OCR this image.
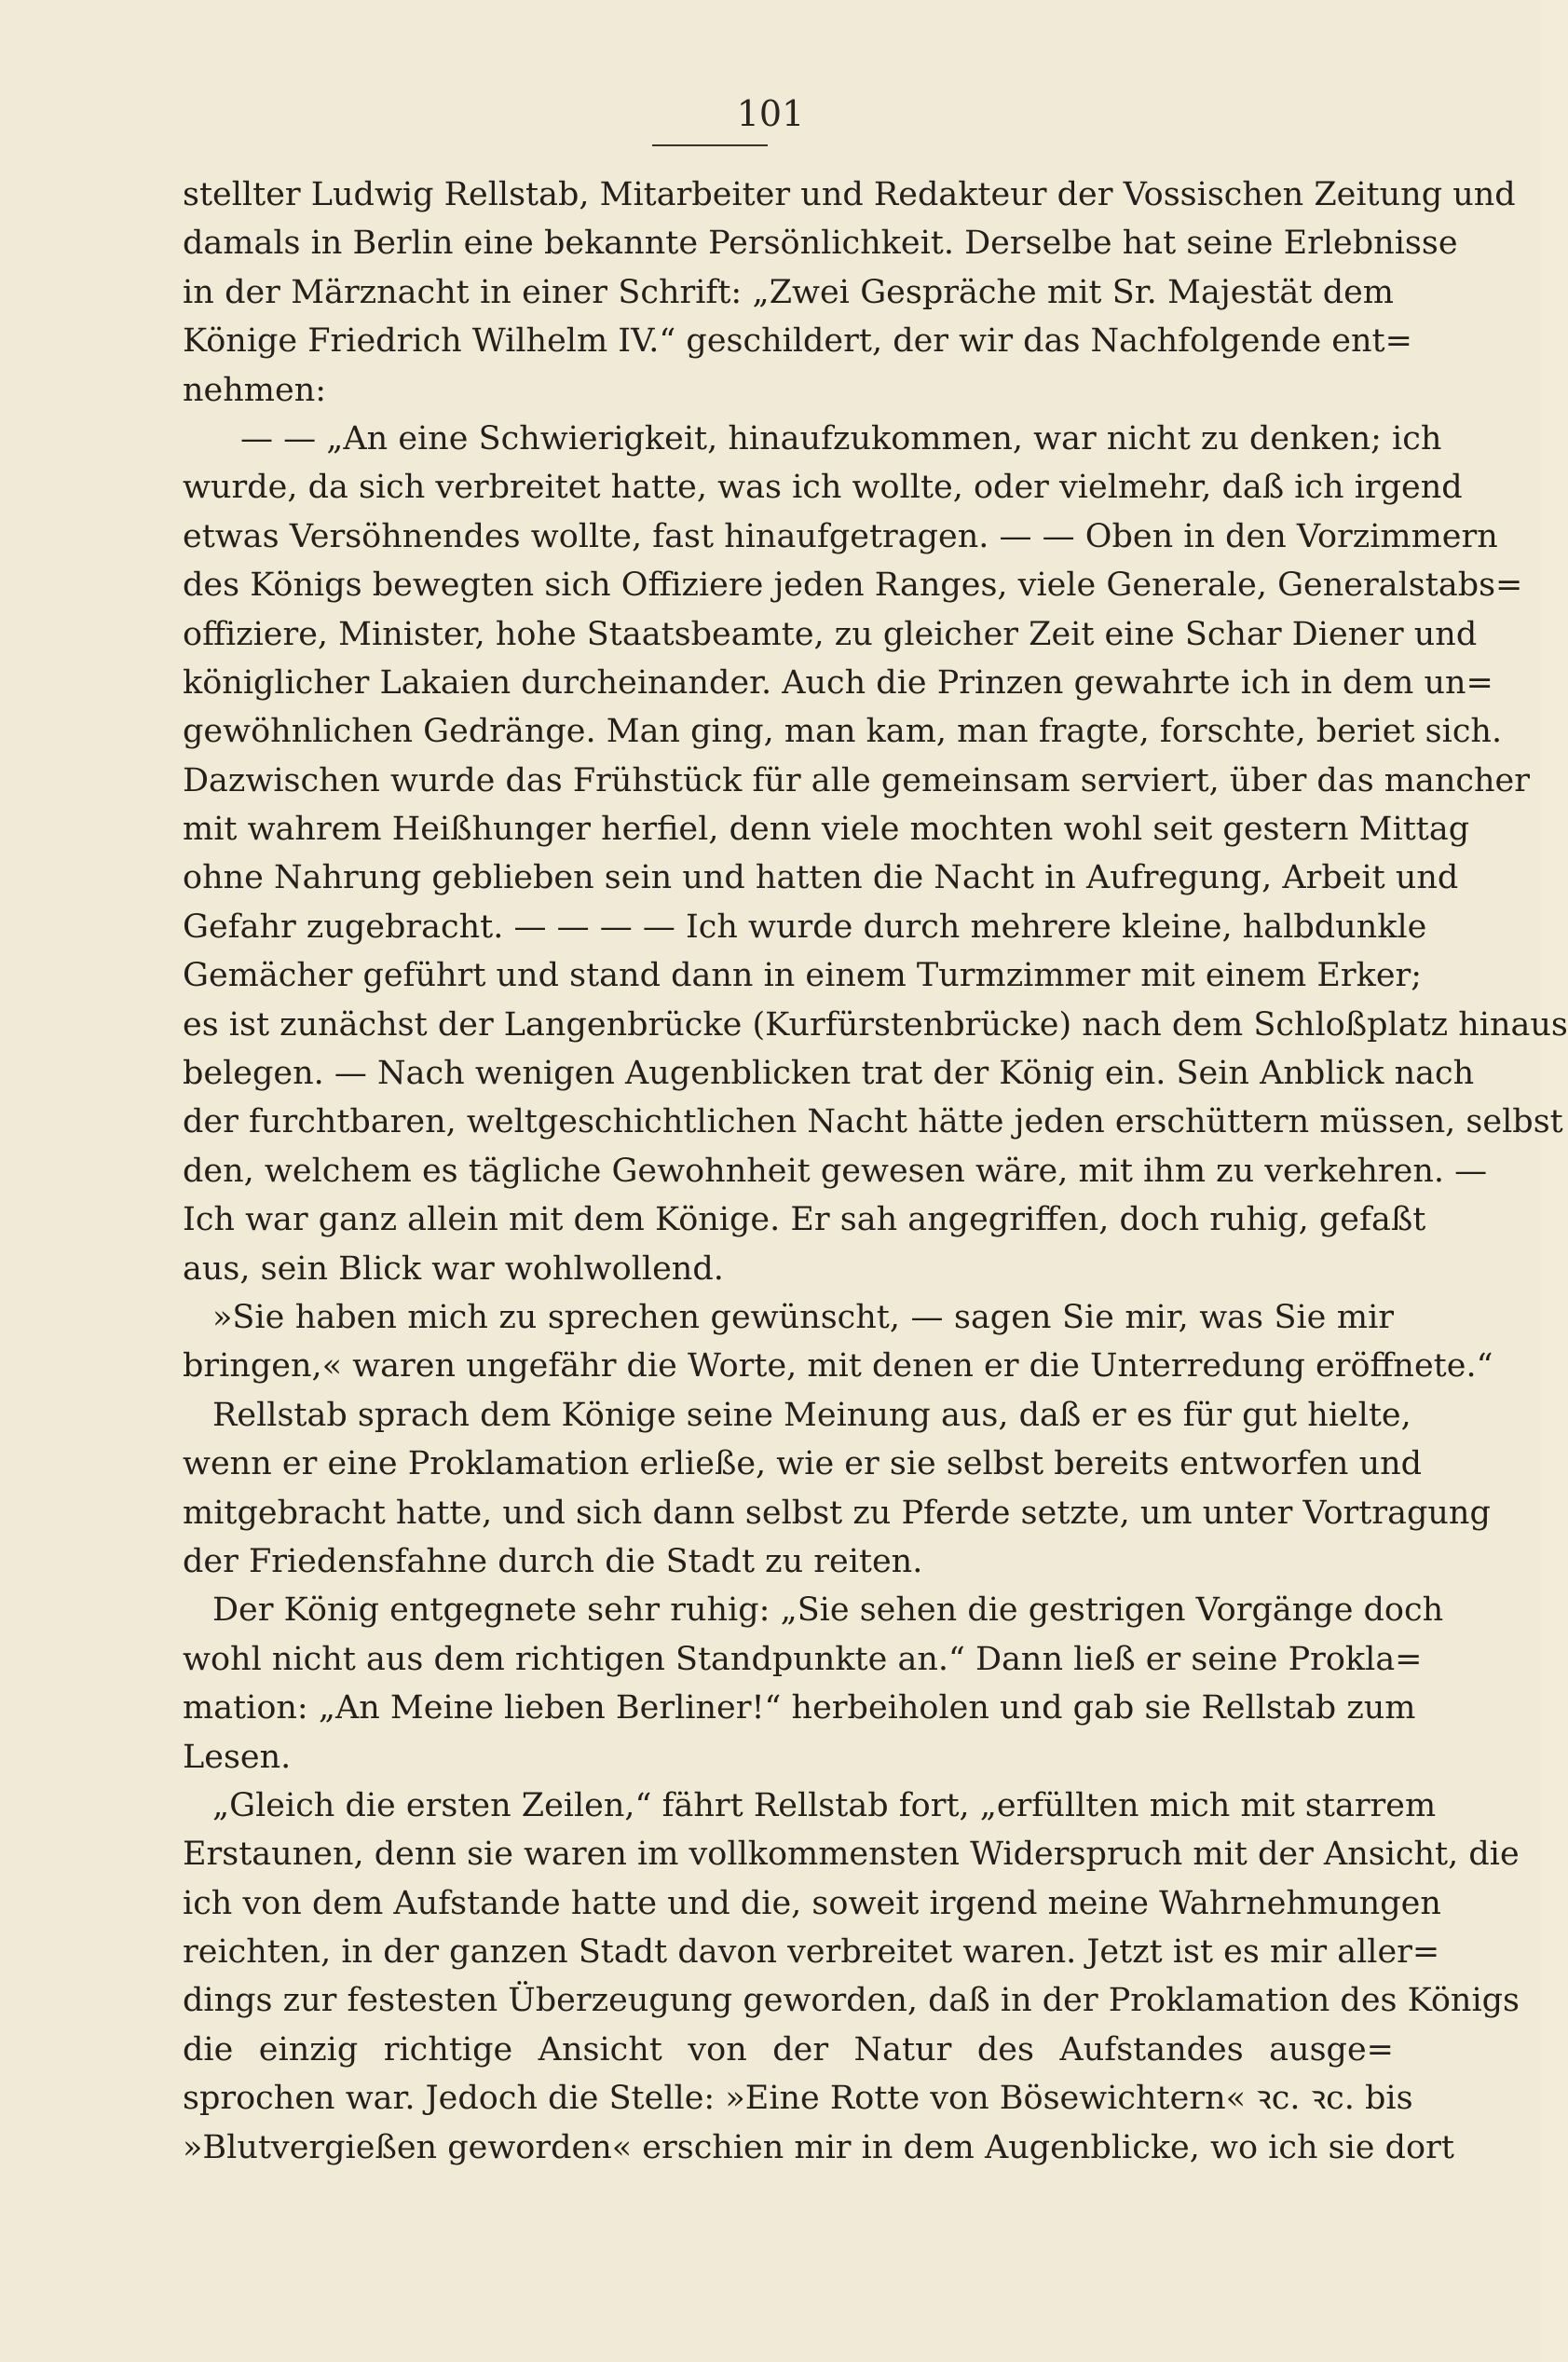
101
stellter Ludwig Rellstab, Mitarbeiter und Redakteur der Vossischen Zeitung und
damals in Berlin eine bekannte Persönlichkeit. Derselbe hat seine Erlebnisse
in der Märznacht in einer Schrift: „Zwei Gespräche mit Sr. Majestät dem
Könige Friedrich Wilhelm IV.“ geschildert, der wir das Nachfolgende ent=
nehmen:
— — „An eine Schwierigkeit, hinaufzukommen, war nicht zu denken; ich
wurde, da sich verbreitet hatte, was ich wollte, oder vielmehr, daß ich irgend
etwas Versöhnendes wollte, fast hinaufgetragen. — — Oben in den Vorzimmern
des Königs bewegten sich Offiziere jeden Ranges, viele Generale, Generalstabs=
offiziere, Minister, hohe Staatsbeamte, zu gleicher Zeit eine Schar Diener und
königlicher Lakaien durcheinander. Auch die Prinzen gewahrte ich in dem un=
gewöhnlichen Gedränge. Man ging, man kam, man fragte, forschte, beriet sich.
Dazwischen wurde das Frühstück für alle gemeinsam serviert, über das mancher
mit wahrem Heißhunger herfiel, denn viele mochten wohl seit gestern Mittag
ohne Nahrung geblieben sein und hatten die Nacht in Aufregung, Arbeit und
Gefahr zugebracht. — — — — Ich wurde durch mehrere kleine, halbdunkle
Gemächer geführt und stand dann in einem Turmzimmer mit einem Erker;
es ist zunächst der Langenbrücke (Kurfürstenbrücke) nach dem Schloßplatz hinaus
belegen. — Nach wenigen Augenblicken trat der König ein. Sein Anblick nach
der furchtbaren, weltgeschichtlichen Nacht hätte jeden erschüttern müssen, selbst
den, welchem es tägliche Gewohnheit gewesen wäre, mit ihm zu verkehren. —
Ich war ganz allein mit dem Könige. Er sah angegriffen, doch ruhig, gefaßt
aus, sein Blick war wohlwollend.
»Sie haben mich zu sprechen gewünscht, — sagen Sie mir, was Sie mir
bringen,« waren ungefähr die Worte, mit denen er die Unterredung eröffnete.“
Rellstab sprach dem Könige seine Meinung aus, daß er es für gut hielte,
wenn er eine Proklamation erließe, wie er sie selbst bereits entworfen und
mitgebracht hatte, und sich dann selbst zu Pferde setzte, um unter Vortragung
der Friedensfahne durch die Stadt zu reiten.
Der König entgegnete sehr ruhig: „Sie sehen die gestrigen Vorgänge doch
wohl nicht aus dem richtigen Standpunkte an.“ Dann ließ er seine Prokla=
mation: „An Meine lieben Berliner!“ herbeiholen und gab sie Rellstab zum
Lesen.
„Gleich die ersten Zeilen,“ fährt Rellstab fort, „erfüllten mich mit starrem
Erstaunen, denn sie waren im vollkommensten Widerspruch mit der Ansicht, die
ich von dem Aufstande hatte und die, soweit irgend meine Wahrnehmungen
reichten, in der ganzen Stadt davon verbreitet waren. Jetzt ist es mir aller=
dings zur festesten Überzeugung geworden, daß in der Proklamation des Königs
die einzig richtige Ansicht von der Natur des Aufstandes ausge=
sprochen war. Jedoch die Stelle: »Eine Rotte von Bösewichtern« ꝛc. ꝛc. bis
»Blutvergießen geworden« erschien mir in dem Augenblicke, wo ich sie dort
